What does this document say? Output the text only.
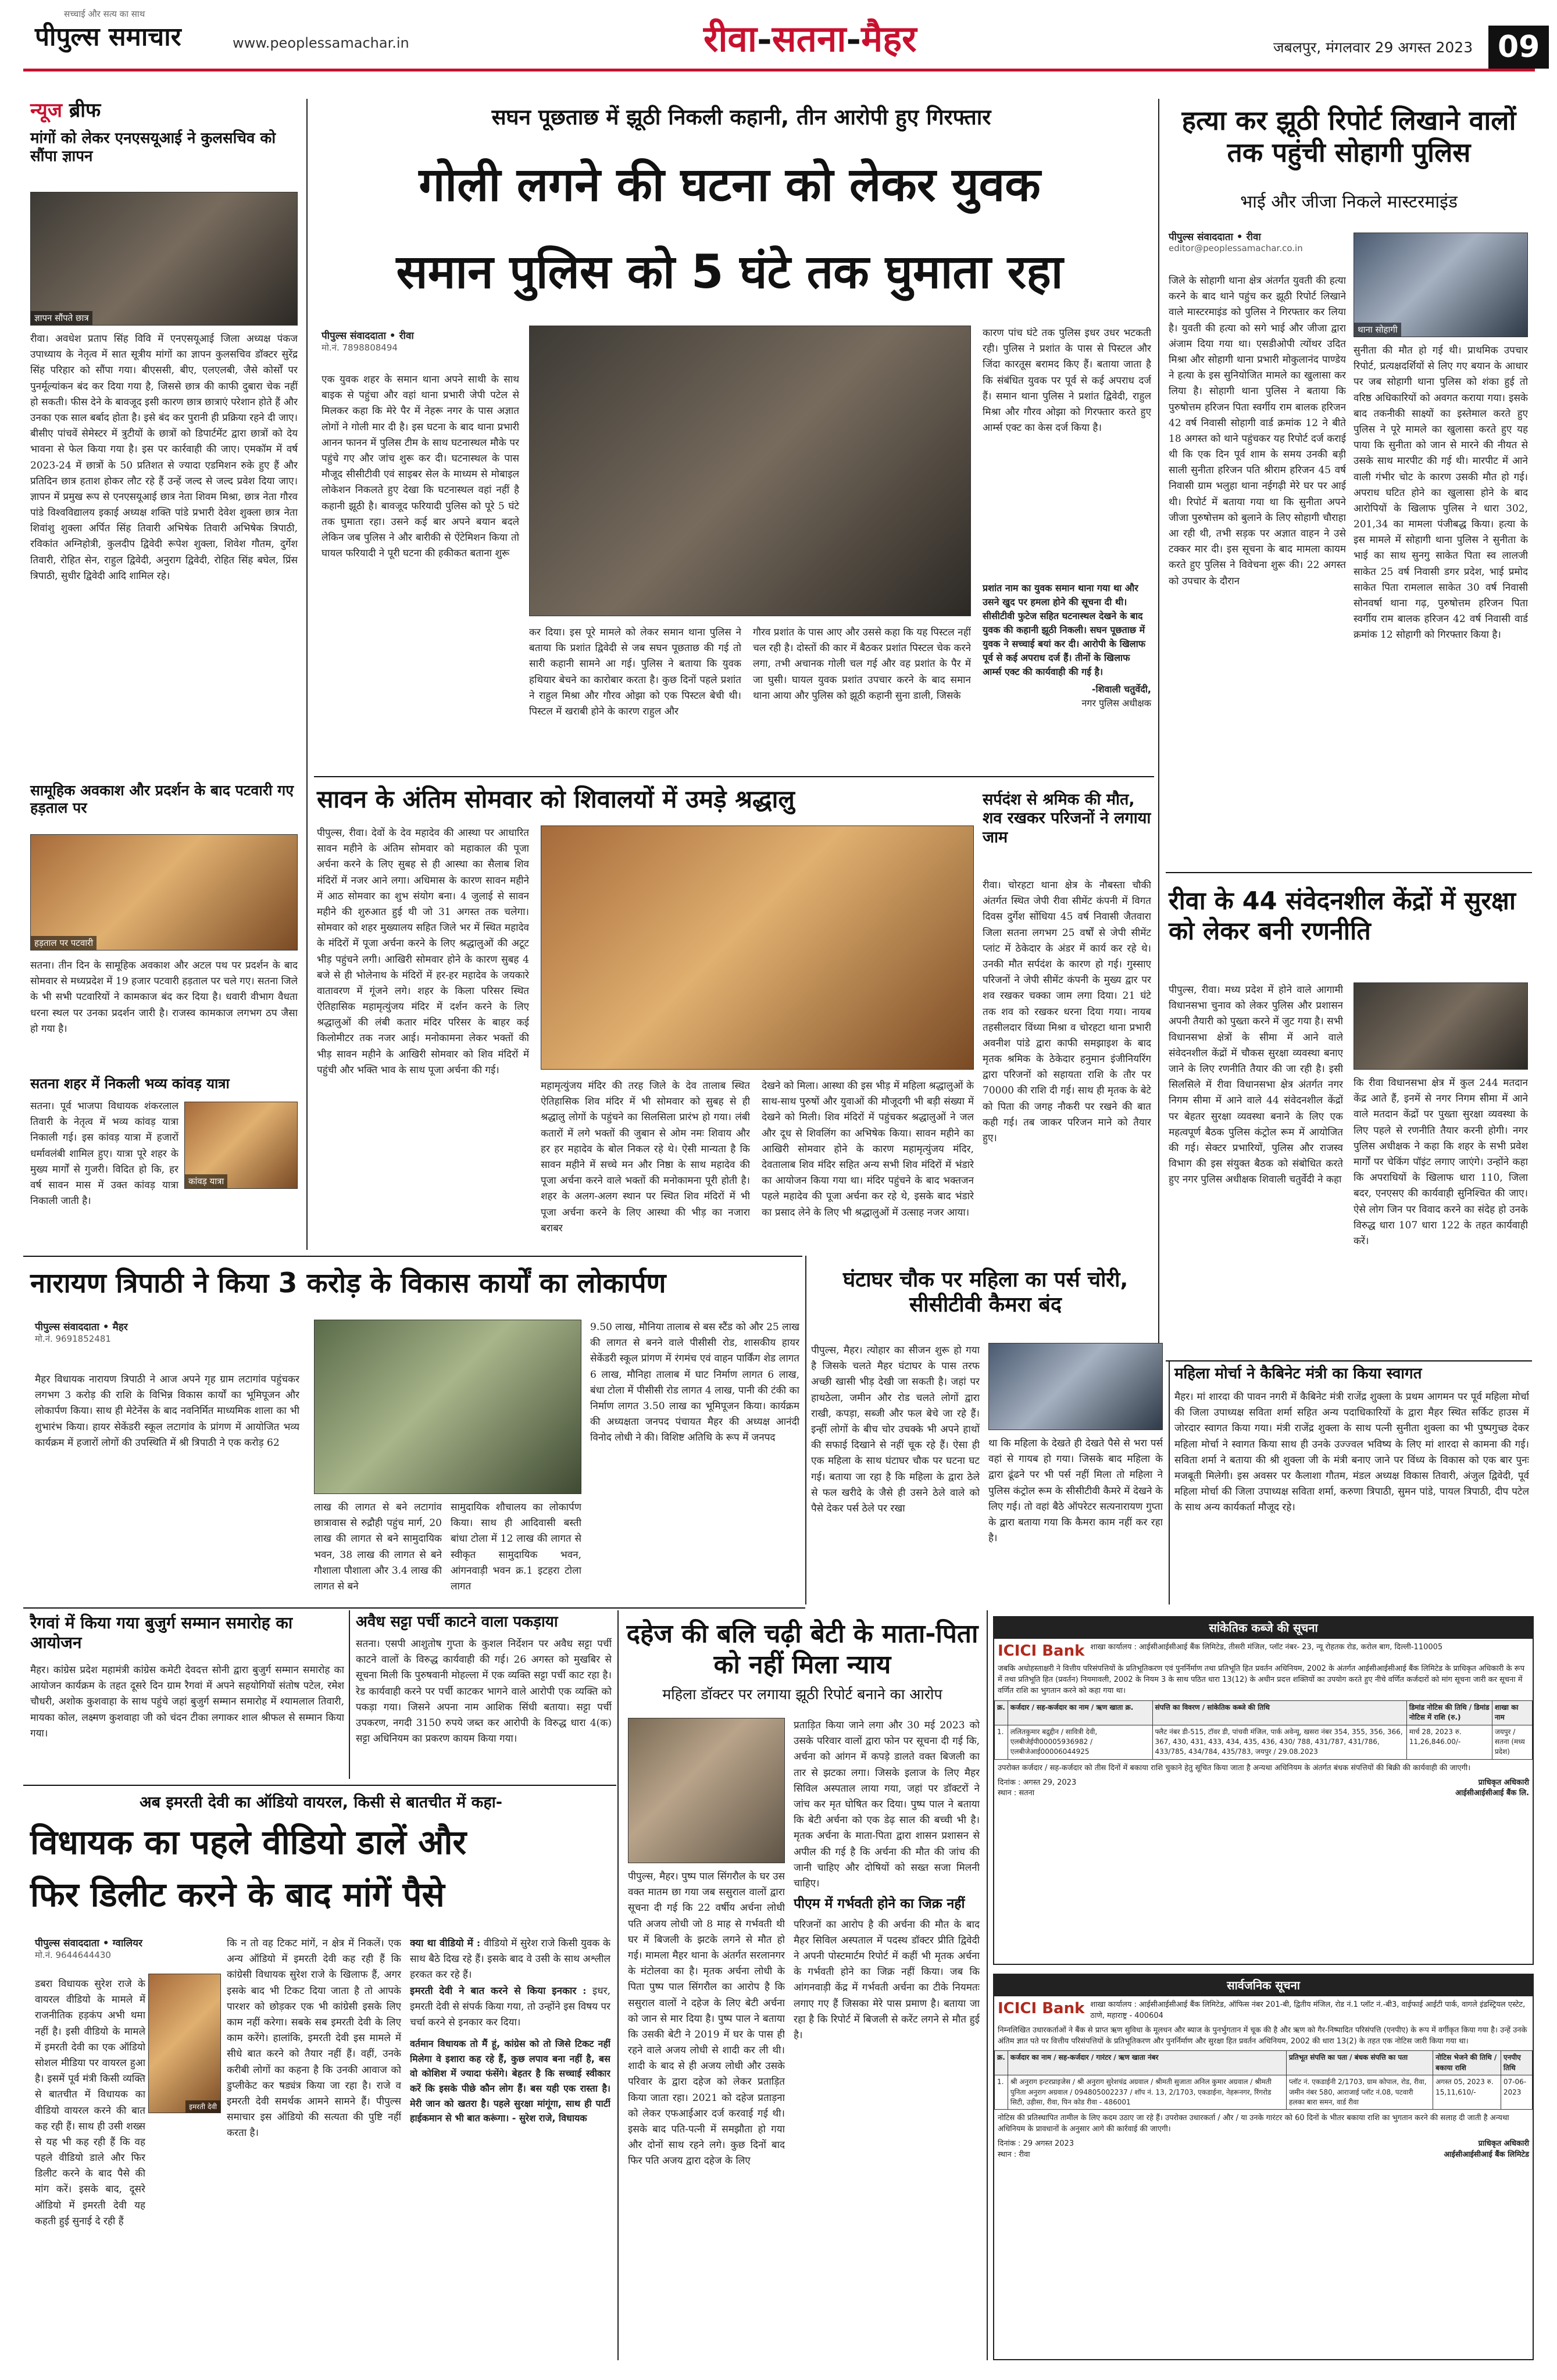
पीपुल्स समाचार
सच्चाई और सत्य का साथ
www.peoplessamachar.in	रीवा-सतना-मैहर	जबलपुर, मंगलवार 29 अगस्त 2023 09
न्यूज ब्रीफ
मांगों को लेकर एनएसयूआई ने कुलसचिव को सौंपा ज्ञापन
ज्ञापन सौंपते छात्र
रीवा। अवधेश प्रताप सिंह विवि में एनएसयूआई जिला अध्यक्ष पंकज उपाध्याय के नेतृत्व में सात सूत्रीय मांगों का ज्ञापन कुलसचिव डॉक्टर सुरेंद्र सिंह परिहार को सौंपा गया। बीएससी, बीए, एलएलबी, जैसे कोर्सों पर पुनर्मूल्यांकन बंद कर दिया गया है, जिससे छात्र की काफी दुबारा चेक नहीं हो सकती। फीस देने के बावजूद इसी कारण छात्र छात्राएं परेशान होते हैं और उनका एक साल बर्बाद होता है। इसे बंद कर पुरानी ही प्रक्रिया रहने दी जाए। बीसीए पांचवें सेमेस्टर में त्रुटीयों के छात्रों को डिपार्टमेंट द्वारा छात्रों को देय भावना से फेल किया गया है। इस पर कार्रवाही की जाए। एमकॉम में वर्ष 2023-24 में छात्रों के 50 प्रतिशत से ज्यादा एडमिशन रुके हुए हैं और प्रतिदिन छात्र हताश होकर लौट रहे हैं उन्हें जल्द से जल्द प्रवेश दिया जाए। ज्ञापन में प्रमुख रूप से एनएसयूआई छात्र नेता शिवम मिश्रा, छात्र नेता गौरव पांडे विश्वविद्यालय इकाई अध्यक्ष शक्ति पांडे प्रभारी देवेश शुक्ला छात्र नेता शिवांशु शुक्ला अर्पित सिंह तिवारी अभिषेक तिवारी अभिषेक त्रिपाठी, रविकांत अग्निहोत्री, कुलदीप द्विवेदी रूपेश शुक्ला, शिवेश गौतम, दुर्गेश तिवारी, रोहित सेन, राहुल द्विवेदी, अनुराग द्विवेदी, रोहित सिंह बघेल, प्रिंस त्रिपाठी, सुधीर द्विवेदी आदि शामिल रहे।
सामूहिक अवकाश और प्रदर्शन के बाद पटवारी गए हड़ताल पर
हड़ताल पर पटवारी
सतना। तीन दिन के सामूहिक अवकाश और अटल पथ पर प्रदर्शन के बाद सोमवार से मध्यप्रदेश में 19 हजार पटवारी हड़ताल पर चले गए। सतना जिले के भी सभी पटवारियों ने कामकाज बंद कर दिया है। धवारी वीभाग वैधता धरना स्थल पर उनका प्रदर्शन जारी है। राजस्व कामकाज लगभग ठप जैसा हो गया है।
सतना शहर में निकली भव्य कांवड़ यात्रा
सतना। पूर्व भाजपा विधायक शंकरलाल तिवारी के नेतृत्व में भव्य कांवड़ यात्रा निकाली गई। इस कांवड़ यात्रा में हजारों धर्मावलंबी शामिल हुए। यात्रा पूरे शहर के मुख्य मार्गों से गुजरी। विदित हो कि, हर वर्ष सावन मास में उक्त कांवड़ यात्रा निकाली जाती है।
कांवड़ यात्रा
सघन पूछताछ में झूठी निकली कहानी, तीन आरोपी हुए गिरफ्तार
गोली लगने की घटना को लेकर युवक
समान पुलिस को 5 घंटे तक घुमाता रहा
पीपुल्स संवाददाता • रीवा
मो.नं. 7898808494
एक युवक शहर के समान थाना अपने साथी के साथ बाइक से पहुंचा और वहां थाना प्रभारी जेपी पटेल से मिलकर कहा कि मेरे पैर में नेहरू नगर के पास अज्ञात लोगों ने गोली मार दी है। इस घटना के बाद थाना प्रभारी आनन फानन में पुलिस टीम के साथ घटनास्थल मौके पर पहुंचे गए और जांच शुरू कर दी। घटनास्थल के पास मौजूद सीसीटीवी एवं साइबर सेल के माध्यम से मोबाइल लोकेशन निकलते हुए देखा कि घटनास्थल वहां नहीं है कहानी झूठी है। बावजूद फरियादी पुलिस को पूरे 5 घंटे तक घुमाता रहा। उसने कई बार अपने बयान बदले लेकिन जब पुलिस ने और बारीकी से ऐंटेमिशन किया तो घायल फरियादी ने पूरी घटना की हकीकत बताना शुरू
कर दिया। इस पूरे मामले को लेकर समान थाना पुलिस ने बताया कि प्रशांत द्विवेदी से जब सघन पूछताछ की गई तो सारी कहानी सामने आ गई। पुलिस ने बताया कि युवक हथियार बेचने का कारोबार करता है। कुछ दिनों पहले प्रशांत ने राहुल मिश्रा और गौरव ओझा को एक पिस्टल बेची थी। पिस्टल में खराबी होने के कारण राहुल और
गौरव प्रशांत के पास आए और उससे कहा कि यह पिस्टल नहीं चल रही है। दोस्तों की कार में बैठकर प्रशांत पिस्टल चेक करने लगा, तभी अचानक गोली चल गई और वह प्रशांत के पैर में जा घुसी। घायल युवक प्रशांत उपचार करने के बाद समान थाना आया और पुलिस को झूठी कहानी सुना डाली, जिसके
कारण पांच घंटे तक पुलिस इधर उधर भटकती रही। पुलिस ने प्रशांत के पास से पिस्टल और जिंदा कारतूस बरामद किए हैं। बताया जाता है कि संबंधित युवक पर पूर्व से कई अपराध दर्ज हैं। समान थाना पुलिस ने प्रशांत द्विवेदी, राहुल मिश्रा और गौरव ओझा को गिरफ्तार करते हुए आर्म्स एक्ट का केस दर्ज किया है।
प्रशांत नाम का युवक समान थाना गया था और उसने खुद पर हमला होने की सूचना दी थी। सीसीटीवी फुटेज सहित घटनास्थल देखने के बाद युवक की कहानी झूठी निकली। सघन पूछताछ में युवक ने सच्चाई बयां कर दी। आरोपी के खिलाफ पूर्व से कई अपराध दर्ज हैं। तीनों के खिलाफ आर्म्स एक्ट की कार्यवाही की गई है।
-शिवाली चतुर्वेदी,
नगर पुलिस अधीक्षक
हत्या कर झूठी रिपोर्ट लिखाने वालों तक पहुंची सोहागी पुलिस
भाई और जीजा निकले मास्टरमाइंड
पीपुल्स संवाददाता • रीवा
editor@peoplessamachar.co.in
थाना सोहागी
जिले के सोहागी थाना क्षेत्र अंतर्गत युवती की हत्या करने के बाद थाने पहुंच कर झूठी रिपोर्ट लिखाने वाले मास्टरमाइंड को पुलिस ने गिरफ्तार कर लिया है। युवती की हत्या को सगे भाई और जीजा द्वारा अंजाम दिया गया था। एसडीओपी त्योंथर उदित मिश्रा और सोहागी थाना प्रभारी मोकुलानंद पाण्डेय ने हत्या के इस सुनियोजित मामले का खुलासा कर लिया है। सोहागी थाना पुलिस ने बताया कि पुरुषोत्तम हरिजन पिता स्वर्गीय राम बालक हरिजन 42 वर्ष निवासी सोहागी वार्ड क्रमांक 12 ने बीते 18 अगस्त को थाने पहुंचकर यह रिपोर्ट दर्ज कराई थी कि एक दिन पूर्व शाम के समय उनकी बड़ी साली सुनीता हरिजन पति श्रीराम हरिजन 45 वर्ष निवासी ग्राम भलुहा थाना नईगढ़ी मेरे घर पर आई थी। रिपोर्ट में बताया गया था कि सुनीता अपने जीजा पुरुषोत्तम को बुलाने के लिए सोहागी चौराहा आ रही थी, तभी सड़क पर अज्ञात वाहन ने उसे टक्कर मार दी। इस सूचना के बाद मामला कायम करते हुए पुलिस ने विवेचना शुरू की। 22 अगस्त को उपचार के दौरान
सुनीता की मौत हो गई थी। प्राथमिक उपचार रिपोर्ट, प्रत्यक्षदर्शियों से लिए गए बयान के आधार पर जब सोहागी थाना पुलिस को शंका हुई तो वरिष्ठ अधिकारियों को अवगत कराया गया। इसके बाद तकनीकी साक्ष्यों का इस्तेमाल करते हुए पुलिस ने पूरे मामले का खुलासा करते हुए यह पाया कि सुनीता को जान से मारने की नीयत से उसके साथ मारपीट की गई थी। मारपीट में आने वाली गंभीर चोट के कारण उसकी मौत हो गई। अपराध घटित होने का खुलासा होने के बाद आरोपियों के खिलाफ पुलिस ने धारा 302, 201,34 का मामला पंजीबद्ध किया। हत्या के इस मामले में सोहागी थाना पुलिस ने सुनीता के भाई का साथ सुनगु साकेत पिता स्व लालजी साकेत 25 वर्ष निवासी डगर प्रदेश, भाई प्रमोद साकेत पिता रामलाल साकेत 30 वर्ष निवासी सोनवर्षा थाना गढ़, पुरुषोत्तम हरिजन पिता स्वर्गीय राम बालक हरिजन 42 वर्ष निवासी वार्ड क्रमांक 12 सोहागी को गिरफ्तार किया है।
सावन के अंतिम सोमवार को शिवालयों में उमड़े श्रद्धालु
पीपुल्स, रीवा। देवों के देव महादेव की आस्था पर आधारित सावन महीने के अंतिम सोमवार को महाकाल की पूजा अर्चना करने के लिए सुबह से ही आस्था का सैलाब शिव मंदिरों में नजर आने लगा। अधिमास के कारण सावन महीने में आठ सोमवार का शुभ संयोग बना। 4 जुलाई से सावन महीने की शुरुआत हुई थी जो 31 अगस्त तक चलेगा। सोमवार को शहर मुख्यालय सहित जिले भर में स्थित महादेव के मंदिरों में पूजा अर्चना करने के लिए श्रद्धालुओं की अटूट भीड़ पहुंचने लगी। आखिरी सोमवार होने के कारण सुबह 4 बजे से ही भोलेनाथ के मंदिरों में हर-हर महादेव के जयकारे वातावरण में गूंजने लगे। शहर के किला परिसर स्थित ऐतिहासिक महामृत्युंजय मंदिर में दर्शन करने के लिए श्रद्धालुओं की लंबी कतार मंदिर परिसर के बाहर कई किलोमीटर तक नजर आई। मनोकामना लेकर भक्तों की भीड़ सावन महीने के आखिरी सोमवार को शिव मंदिरों में पहुंची और भक्ति भाव के साथ पूजा अर्चना की गई।
महामृत्युंजय मंदिर की तरह जिले के देव तालाब स्थित ऐतिहासिक शिव मंदिर में भी सोमवार को सुबह से ही श्रद्धालु लोगों के पहुंचने का सिलसिला प्रारंभ हो गया। लंबी कतारों में लगे भक्तों की जुबान से ओम नमः शिवाय और हर हर महादेव के बोल निकल रहे थे। ऐसी मान्यता है कि सावन महीने में सच्चे मन और निष्ठा के साथ महादेव की पूजा अर्चना करने वाले भक्तों की मनोकामना पूरी होती है। शहर के अलग-अलग स्थान पर स्थित शिव मंदिरों में भी पूजा अर्चना करने के लिए आस्था की भीड़ का नजारा बराबर
देखने को मिला। आस्था की इस भीड़ में महिला श्रद्धालुओं के साथ-साथ पुरुषों और युवाओं की मौजूदगी भी बड़ी संख्या में देखने को मिली। शिव मंदिरों में पहुंचकर श्रद्धालुओं ने जल और दूध से शिवलिंग का अभिषेक किया। सावन महीने का आखिरी सोमवार होने के कारण महामृत्युंजय मंदिर, देवतालाब शिव मंदिर सहित अन्य सभी शिव मंदिरों में भंडारे का आयोजन किया गया था। मंदिर पहुंचने के बाद भक्तजन पहले महादेव की पूजा अर्चना कर रहे थे, इसके बाद भंडारे का प्रसाद लेने के लिए भी श्रद्धालुओं में उत्साह नजर आया।
सर्पदंश से श्रमिक की मौत, शव रखकर परिजनों ने लगाया जाम
रीवा। चोरहटा थाना क्षेत्र के नौबस्ता चौकी अंतर्गत स्थित जेपी रीवा सीमेंट कंपनी में विगत दिवस दुर्गेश सोंधिया 45 वर्ष निवासी जैतवारा जिला सतना लगभग 25 वर्षों से जेपी सीमेंट प्लांट में ठेकेदार के अंडर में कार्य कर रहे थे। उनकी मौत सर्पदंश के कारण हो गई। गुस्साए परिजनों ने जेपी सीमेंट कंपनी के मुख्य द्वार पर शव रखकर चक्का जाम लगा दिया। 21 घंटे तक शव को रखकर धरना दिया गया। नायब तहसीलदार विंध्या मिश्रा व चोरहटा थाना प्रभारी अवनीश पांडे द्वारा काफी समझाइश के बाद मृतक श्रमिक के ठेकेदार हनुमान इंजीनियरिंग द्वारा परिजनों को सहायता राशि के तौर पर 70000 की राशि दी गई। साथ ही मृतक के बेटे को पिता की जगह नौकरी पर रखने की बात कही गई। तब जाकर परिजन माने को तैयार हुए।
रीवा के 44 संवेदनशील केंद्रों में सुरक्षा को लेकर बनी रणनीति
पीपुल्स, रीवा। मध्य प्रदेश में होने वाले आगामी विधानसभा चुनाव को लेकर पुलिस और प्रशासन अपनी तैयारी को पुख्ता करने में जुट गया है। सभी विधानसभा क्षेत्रों के सीमा में आने वाले संवेदनशील केंद्रों में चौकस सुरक्षा व्यवस्था बनाए जाने के लिए रणनीति तैयार की जा रही है। इसी सिलसिले में रीवा विधानसभा क्षेत्र अंतर्गत नगर निगम सीमा में आने वाले 44 संवेदनशील केंद्रों पर बेहतर सुरक्षा व्यवस्था बनाने के लिए एक महत्वपूर्ण बैठक पुलिस कंट्रोल रूम में आयोजित की गई। सेक्टर प्रभारियों, पुलिस और राजस्व विभाग की इस संयुक्त बैठक को संबोधित करते हुए नगर पुलिस अधीक्षक शिवाली चतुर्वेदी ने कहा
कि रीवा विधानसभा क्षेत्र में कुल 244 मतदान केंद्र आते हैं, इनमें से नगर निगम सीमा में आने वाले मतदान केंद्रों पर पुख्ता सुरक्षा व्यवस्था के लिए पहले से रणनीति तैयार करनी होगी। नगर पुलिस अधीक्षक ने कहा कि शहर के सभी प्रवेश मार्गों पर चेकिंग पॉइंट लगाए जाएंगे। उन्होंने कहा कि अपराधियों के खिलाफ धारा 110, जिला बदर, एनएसए की कार्यवाही सुनिश्चित की जाए। ऐसे लोग जिन पर विवाद करने का संदेह हो उनके विरुद्ध धारा 107 धारा 122 के तहत कार्यवाही करें।
नारायण त्रिपाठी ने किया 3 करोड़ के विकास कार्यों का लोकार्पण
पीपुल्स संवाददाता • मैहर
मो.नं. 9691852481
मैहर विधायक नारायण त्रिपाठी ने आज अपने गृह ग्राम लटागांव पहुंचकर लगभग 3 करोड़ की राशि के विभिन्न विकास कार्यों का भूमिपूजन और लोकार्पण किया। साथ ही मेटेनेंस के बाद नवनिर्मित माध्यमिक शाला का भी शुभारंभ किया। हायर सेकेंडरी स्कूल लटागांव के प्रांगण में आयोजित भव्य कार्यक्रम में हजारों लोगों की उपस्थिति में श्री त्रिपाठी ने एक करोड़ 62
लाख की लागत से बने लटागांव छात्रावास से रुद्रौही पहुंच मार्ग, 20 लाख की लागत से बने सामुदायिक भवन, 38 लाख की लागत से बने गौशाला पौशाला और 3.4 लाख की लागत से बने
सामुदायिक शौचालय का लोकार्पण किया। साथ ही आदिवासी बस्ती बांधा टोला में 12 लाख की लागत से स्वीकृत सामुदायिक भवन, आंगनवाड़ी भवन क्र.1 इटहरा टोला लागत
9.50 लाख, मौनिया तालाब से बस स्टैंड को और 25 लाख की लागत से बनने वाले पीसीसी रोड, शासकीय हायर सेकेंडरी स्कूल प्रांगण में रंगमंच एवं वाहन पार्किंग शेड लागत 6 लाख, मौनिहा तालाब में घाट निर्माण लागत 6 लाख, बंधा टोला में पीसीसी रोड लागत 4 लाख, पानी की टंकी का निर्माण लागत 3.50 लाख का भूमिपूजन किया। कार्यक्रम की अध्यक्षता जनपद पंचायत मैहर की अध्यक्ष आनंदी विनोद लोधी ने की। विशिष्ट अतिथि के रूप में जनपद
घंटाघर चौक पर महिला का पर्स चोरी, सीसीटीवी कैमरा बंद
पीपुल्स, मैहर। त्योहार का सीजन शुरू हो गया है जिसके चलते मैहर घंटाघर के पास तरफ अच्छी खासी भीड़ देखी जा सकती है। जहां पर हाथठेला, जमीन और रोड चलते लोगों द्वारा राखी, कपड़ा, सब्जी और फल बेचे जा रहे हैं। इन्हीं लोगों के बीच चोर उचक्के भी अपने हाथों की सफाई दिखाने से नहीं चूक रहे हैं। ऐसा ही एक महिला के साथ घंटाघर चौक पर घटना घट गई। बताया जा रहा है कि महिला के द्वारा ठेले से फल खरीदे के जैसे ही उसने ठेले वाले को पैसे देकर पर्स ठेले पर रखा
था कि महिला के देखते ही देखते पैसे से भरा पर्स वहां से गायब हो गया। जिसके बाद महिला के द्वारा ढूंढने पर भी पर्स नहीं मिला तो महिला ने पुलिस कंट्रोल रूम के सीसीटीवी कैमरे में देखने के लिए गई। तो वहां बैठे ऑपरेटर सत्यनारायण गुप्ता के द्वारा बताया गया कि कैमरा काम नहीं कर रहा है।
महिला मोर्चा ने कैबिनेट मंत्री का किया स्वागत
मैहर। मां शारदा की पावन नगरी में कैबिनेट मंत्री राजेंद्र शुक्ला के प्रथम आगमन पर पूर्व महिला मोर्चा की जिला उपाध्यक्ष सविता शर्मा सहित अन्य पदाधिकारियों के द्वारा मैहर स्थित सर्किट हाउस में जोरदार स्वागत किया गया। मंत्री राजेंद्र शुक्ला के साथ पत्नी सुनीता शुक्ला का भी पुष्पगुच्छ देकर महिला मोर्चा ने स्वागत किया साथ ही उनके उज्ज्वल भविष्य के लिए मां शारदा से कामना की गई। सविता शर्मा ने बताया की श्री शुक्ला जी के मंत्री बनाए जाने पर विंध्य के विकास को एक बार पुनः मजबूती मिलेगी। इस अवसर पर कैलाशा गौतम, मंडल अध्यक्ष विकास तिवारी, अंजुल द्विवेदी, पूर्व महिला मोर्चा की जिला उपाध्यक्ष सविता शर्मा, करुणा त्रिपाठी, सुमन पांडे, पायल त्रिपाठी, दीप पटेल के साथ अन्य कार्यकर्ता मौजूद रहे।
रैगवां में किया गया बुजुर्ग सम्मान समारोह का आयोजन
मैहर। कांग्रेस प्रदेश महामंत्री कांग्रेस कमेटी देवदत्त सोनी द्वारा बुजुर्ग सम्मान समारोह का आयोजन कार्यक्रम के तहत दूसरे दिन ग्राम रैगवां में अपने सहयोगियों संतोष पटेल, रमेश चौधरी, अशोक कुशवाहा के साथ पहुंचे जहां बुजुर्ग सम्मान समारोह में श्यामलाल तिवारी, मायका कोल, लक्ष्मण कुशवाहा जी को चंदन टीका लगाकर शाल श्रीफल से सम्मान किया गया।
अवैध सट्टा पर्ची काटने वाला पकड़ाया
सतना। एसपी आशुतोष गुप्ता के कुशल निर्देशन पर अवैध सट्टा पर्ची काटने वालों के विरुद्ध कार्यवाही की गई। 26 अगस्त को मुखबिर से सूचना मिली कि पुरुषवानी मोहल्ला में एक व्यक्ति सट्टा पर्ची काट रहा है। रेड कार्यवाही करने पर पर्ची काटकर भागने वाले आरोपी एक व्यक्ति को पकड़ा गया। जिसने अपना नाम आशिक सिंधी बताया। सट्टा पर्ची उपकरण, नगदी 3150 रुपये जब्त कर आरोपी के विरुद्ध धारा 4(क) सट्टा अधिनियम का प्रकरण कायम किया गया।
अब इमरती देवी का ऑडियो वायरल, किसी से बातचीत में कहा-
विधायक का पहले वीडियो डालें और
फिर डिलीट करने के बाद मांगें पैसे
पीपुल्स संवाददाता • ग्वालियर
मो.नं. 9644644430
डबरा विधायक सुरेश राजे के वायरल वीडियो के मामले में राजनीतिक हड़कंप अभी थमा नहीं है। इसी वीडियो के मामले में इमरती देवी का एक ऑडियो सोशल मीडिया पर वायरल हुआ है। इसमें पूर्व मंत्री किसी व्यक्ति से बातचीत में विधायक का वीडियो वायरल करने की बात कह रही हैं। साथ ही उसी शख्स से यह भी कह रही हैं कि वह पहले वीडियो डाले और फिर डिलीट करने के बाद पैसे की मांग करें। इसके बाद, दूसरे ऑडियो में इमरती देवी यह कहती हुई सुनाई दे रही हैं
इमरती देवी
कि न तो वह टिकट मांगें, न क्षेत्र में निकलें। एक अन्य ऑडियो में इमरती देवी कह रही हैं कि कांग्रेसी विधायक सुरेश राजे के खिलाफ हैं, अगर इसके बाद भी टिकट दिया जाता है तो आपके पारशर को छोड़कर एक भी कांग्रेसी इसके लिए काम नहीं करेगा। सबके सब इमरती देवी के लिए काम करेंगे। हालांकि, इमरती देवी इस मामले में सीधे बात करने को तैयार नहीं हैं। वहीं, उनके करीबी लोगों का कहना है कि उनकी आवाज को डुप्लीकेट कर षड्यंत्र किया जा रहा है। राजे व इमरती देवी समर्थक आमने सामने हैं। पीपुल्स समाचार इस ऑडियो की सत्यता की पुष्टि नहीं करता है।
क्या था वीडियो में : वीडियो में सुरेश राजे किसी युवक के साथ बैठे दिख रहे हैं। इसके बाद वे उसी के साथ अश्लील हरकत कर रहे हैं।
इमरती देवी ने बात करने से किया इनकार : इधर, इमरती देवी से संपर्क किया गया, तो उन्होंने इस विषय पर चर्चा करने से इनकार कर दिया।
वर्तमान विधायक तो मैं हूं, कांग्रेस को तो जिसे टिकट नहीं मिलेगा वे इशारा कह रहे हैं, कुछ लपाव बना नहीं है, बस वो कोशिश में ज्यादा फंसेंगे। बेहतर है कि सच्चाई स्वीकार करें कि इसके पीछे कौन लोग हैं। बस यही एक रास्ता है। मेरी जान को खतरा है। पहले सुरक्षा मांगूंगा, साथ ही पार्टी हाईकमान से भी बात करूंगा। - सुरेश राजे, विधायक
दहेज की बलि चढ़ी बेटी के माता-पिता को नहीं मिला न्याय
महिला डॉक्टर पर लगाया झूठी रिपोर्ट बनाने का आरोप
पीपुल्स, मैहर। पुष्प पाल सिंगरौल के घर उस वक्त मातम छा गया जब ससुराल वालों द्वारा सूचना दी गई कि 22 वर्षीय अर्चना लोधी पति अजय लोधी जो 8 माह से गर्भवती थी घर में बिजली के झटके लगने से मौत हो गई। मामला मैहर थाना के अंतर्गत सरलानगर के मंटोलवा का है। मृतक अर्चना लोधी के पिता पुष्प पाल सिंगरौल का आरोप है कि ससुराल वालों ने दहेज के लिए बेटी अर्चना को जान से मार दिया है। पुष्प पाल ने बताया कि उसकी बेटी ने 2019 में घर के पास ही रहने वाले अजय लोधी से शादी कर ली थी। शादी के बाद से ही अजय लोधी और उसके परिवार के द्वारा दहेज को लेकर प्रताड़ित किया जाता रहा। 2021 को दहेज प्रताड़ना को लेकर एफआईआर दर्ज करवाई गई थी। इसके बाद पति-पत्नी में समझौता हो गया और दोनों साथ रहने लगे। कुछ दिनों बाद फिर पति अजय द्वारा दहेज के लिए
प्रताड़ित किया जाने लगा और 30 मई 2023 को उसके परिवार वालों द्वारा फोन पर सूचना दी गई कि, अर्चना को आंगन में कपड़े डालते वक्त बिजली का तार से झटका लगा। जिसके इलाज के लिए मैहर सिविल अस्पताल लाया गया, जहां पर डॉक्टरों ने जांच कर मृत घोषित कर दिया। पुष्प पाल ने बताया कि बेटी अर्चना को एक डेढ़ साल की बच्ची भी है। मृतक अर्चना के माता-पिता द्वारा शासन प्रशासन से अपील की गई है कि अर्चना की मौत की जांच की जानी चाहिए और दोषियों को सख्त सजा मिलनी चाहिए।
पीएम में गर्भवती होने का जिक्र नहीं
परिजनों का आरोप है की अर्चना की मौत के बाद मैहर सिविल अस्पताल में पदस्थ डॉक्टर प्रीति द्विवेदी ने अपनी पोस्टमार्टम रिपोर्ट में कहीं भी मृतक अर्चना के गर्भवती होने का जिक्र नहीं किया। जब कि आंगनवाड़ी केंद्र में गर्भवती अर्चना का टीके नियमतः लगाए गए हैं जिसका मेरे पास प्रमाण है। बताया जा रहा है कि रिपोर्ट में बिजली से करेंट लगने से मौत हुई है।
सांकेतिक कब्जे की सूचना
ICICI Bank शाखा कार्यालय : आईसीआईसीआई बैंक लिमिटेड, तीसरी मंजिल, प्लॉट नंबर- 23, न्यू रोहतक रोड, करोल बाग, दिल्ली-110005
जबकि अधोहस्ताक्षरी ने वित्तीय परिसंपत्तियों के प्रतिभूतिकरण एवं पुनर्निर्माण तथा प्रतिभूति हित प्रवर्तन अधिनियम, 2002 के अंतर्गत आईसीआईसीआई बैंक लिमिटेड के प्राधिकृत अधिकारी के रूप में तथा प्रतिभूति हित (प्रवर्तन) नियमावली, 2002 के नियम 3 के साथ पठित धारा 13(12) के अधीन प्रदत्त शक्तियों का उपयोग करते हुए नीचे वर्णित कर्जदारों को मांग सूचना जारी कर सूचना में वर्णित राशि का भुगतान करने को कहा गया था।
क्र.	कर्जदार / सह-कर्जदार का नाम / ऋण खाता क्र.	संपत्ति का विवरण / सांकेतिक कब्जे की तिथि	डिमांड नोटिस की तिथि / डिमांड नोटिस में राशि (रु.)	शाखा का नाम
1.	ललितकुमार बद्रुद्दीन / सावित्री देवी, एलबीजेईपी00005936982 / एलबीजेआई00006044925	फ्लैट नंबर डी-515, टॉवर डी, पांचवी मंजिल, पार्क अवेन्यू, खसरा नंबर 354, 355, 356, 366, 367, 430, 431, 433, 434, 435, 436, 430/ 788, 431/787, 431/786, 433/785, 434/784, 435/783, जयपुर / 29.08.2023	मार्च 28, 2023 रु. 11,26,846.00/-	जयपुर / सतना (मध्य प्रदेश)
उपरोक्त कर्जदार / सह-कर्जदार को तीस दिनों में बकाया राशि चुकाने हेतु सूचित किया जाता है अन्यथा अधिनियम के अंतर्गत बंधक संपत्तियों की बिक्री की कार्यवाही की जाएगी।
दिनांक : अगस्त 29, 2023
स्थान : सतना
प्राधिकृत अधिकारी
आईसीआईसीआई बैंक लि.
सार्वजनिक सूचना
ICICI Bank शाखा कार्यालय : आईसीआईसीआई बैंक लिमिटेड, ऑफिस नंबर 201-बी, द्वितीय मंजिल, रोड नं.1 प्लॉट नं.-बी3, वाईफाई आईटी पार्क, वागले इंडस्ट्रियल एस्टेट, ठाणे, महाराष्ट्र - 400604
निम्नलिखित उधारकर्ताओं ने बैंक से प्राप्त ऋण सुविधा के मूलधन और ब्याज के पुनर्भुगतान में चूक की है और ऋण को गैर-निष्पादित परिसंपत्ति (एनपीए) के रूप में वर्गीकृत किया गया है। उन्हें उनके अंतिम ज्ञात पते पर वित्तीय परिसंपत्तियों के प्रतिभूतिकरण और पुनर्निर्माण और सुरक्षा हित प्रवर्तन अधिनियम, 2002 की धारा 13(2) के तहत एक नोटिस जारी किया गया था।
क्र.	कर्जदार का नाम / सह-कर्जदार / गारंटर / ऋण खाता नंबर	प्रतिभूत संपत्ति का पता / बंधक संपत्ति का पता	नोटिस भेजने की तिथि / बकाया राशि	एनपीए तिथि
1.	श्री अनुराग इन्टरप्राइजेस / श्री अनुराग सुरेशचंद्र अग्रवाल / श्रीमती सुजाता अनिल कुमार अग्रवाल / श्रीमती पुनिता अनुराग अग्रवाल / 094805002237 / शॉप नं. 13, 2/1703, एकडाईना, नेहरूनगर, रिंगरोड सिटी, उड़ीसा, रीवा, पिन कोड रीवा - 486001	प्लॉट नं. एकडाईनी 2/1703, ग्राम कोपाल, रोड, रीवा, जमीन नंबर 580, आराजाई प्लॉट नं.08, पटवारी हलका बारा समन, वार्ड रीवा	अगस्त 05, 2023 रु. 15,11,610/-	07-06-2023
नोटिस की प्रतिस्थापित तामील के लिए कदम उठाए जा रहे हैं। उपरोक्त उधारकर्ता / और / या उनके गारंटर को 60 दिनों के भीतर बकाया राशि का भुगतान करने की सलाह दी जाती है अन्यथा अधिनियम के प्रावधानों के अनुसार आगे की कार्रवाई की जाएगी।
दिनांक : 29 अगस्त 2023
स्थान : रीवा
प्राधिकृत अधिकारी
आईसीआईसीआई बैंक लिमिटेड
